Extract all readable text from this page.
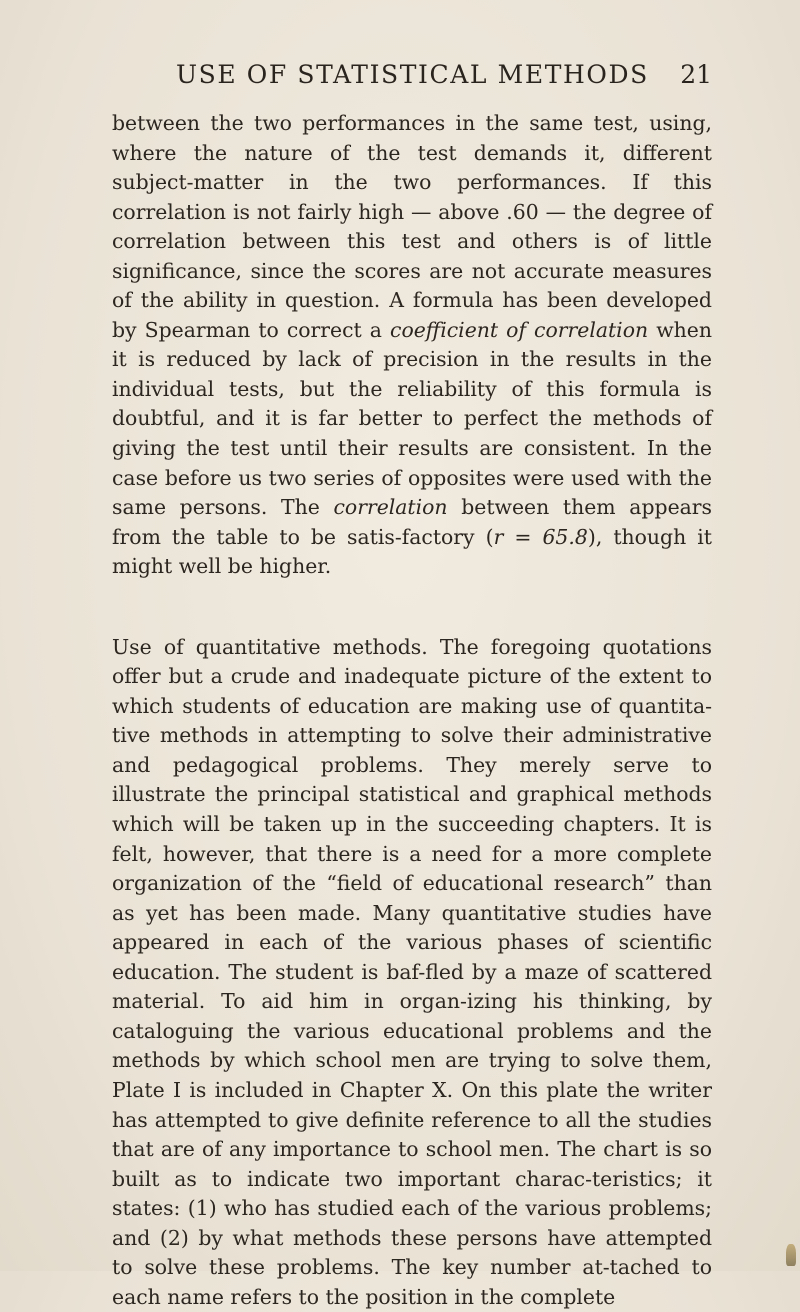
USE OF STATISTICAL METHODS 21

between the two performances in the same test, using, where the nature of the test demands it, different subject-matter in the two performances. If this correlation is not fairly high — above .60 — the degree of correlation between this test and others is of little significance, since the scores are not accurate measures of the ability in question. A formula has been developed by Spearman to correct a coefficient of correlation when it is reduced by lack of precision in the results in the individual tests, but the reliability of this formula is doubtful, and it is far better to perfect the methods of giving the test until their results are consistent. In the case before us two series of opposites were used with the same persons. The correlation between them appears from the table to be satis-factory (r = 65.8), though it might well be higher.

Use of quantitative methods. The foregoing quotations offer but a crude and inadequate picture of the extent to which students of education are making use of quantita-tive methods in attempting to solve their administrative and pedagogical problems. They merely serve to illustrate the principal statistical and graphical methods which will be taken up in the succeeding chapters. It is felt, however, that there is a need for a more complete organization of the “field of educational research” than as yet has been made. Many quantitative studies have appeared in each of the various phases of scientific education. The student is baf-fled by a maze of scattered material. To aid him in organ-izing his thinking, by cataloguing the various educational problems and the methods by which school men are trying to solve them, Plate I is included in Chapter X. On this plate the writer has attempted to give definite reference to all the studies that are of any importance to school men. The chart is so built as to indicate two important charac-teristics; it states: (1) who has studied each of the various problems; and (2) by what methods these persons have attempted to solve these problems. The key number at-tached to each name refers to the position in the complete
